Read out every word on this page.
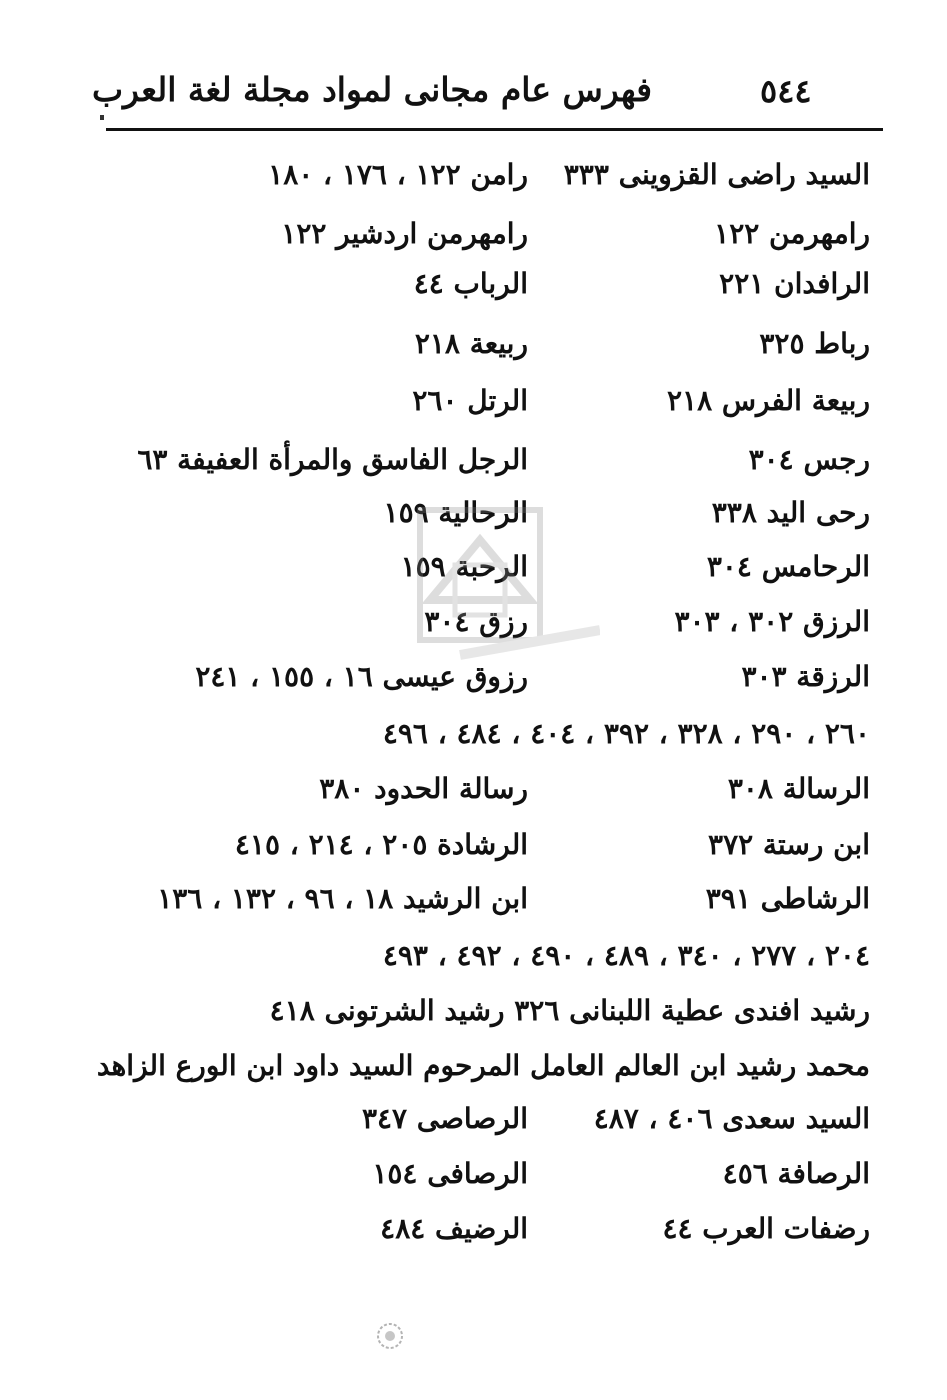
٥٤٤
فهرس عام مجانى لمواد مجلة لغة العرب
السيد راضى القزوينى ٣٣٣
رامن ١٢٢ ، ١٧٦ ، ١٨٠
رامهرمن ١٢٢
رامهرمن اردشير ١٢٢
الرافدان ٢٢١
الرباب ٤٤
رباط ٣٢٥
ربيعة ٢١٨
ربيعة الفرس ٢١٨
الرتل ٢٦٠
رجس ٣٠٤
الرجل الفاسق والمرأة العفيفة ٦٣
رحى اليد ٣٣٨
الرحالية ١٥٩
الرحامس ٣٠٤
الرحبة ١٥٩
الرزق ٣٠٢ ، ٣٠٣
رزق ٣٠٤
الرزقة ٣٠٣
رزوق عيسى ١٦ ، ١٥٥ ، ٢٤١
٢٦٠ ، ٢٩٠ ، ٣٢٨ ، ٣٩٢ ، ٤٠٤ ، ٤٨٤ ، ٤٩٦
الرسالة ٣٠٨
رسالة الحدود ٣٨٠
ابن رستة ٣٧٢
الرشادة ٢٠٥ ، ٢١٤ ، ٤١٥
الرشاطى ٣٩١
ابن الرشيد ١٨ ، ٩٦ ، ١٣٢ ، ١٣٦
٢٠٤ ، ٢٧٧ ، ٣٤٠ ، ٤٨٩ ، ٤٩٠ ، ٤٩٢ ، ٤٩٣
رشيد افندى عطية اللبنانى ٣٢٦ رشيد الشرتونى ٤١٨
محمد رشيد ابن العالم العامل المرحوم السيد داود ابن الورع الزاهد
السيد سعدى ٤٠٦ ، ٤٨٧
الرصاصى ٣٤٧
الرصافة ٤٥٦
الرصافى ١٥٤
رضفات العرب ٤٤
الرضيف ٤٨٤
